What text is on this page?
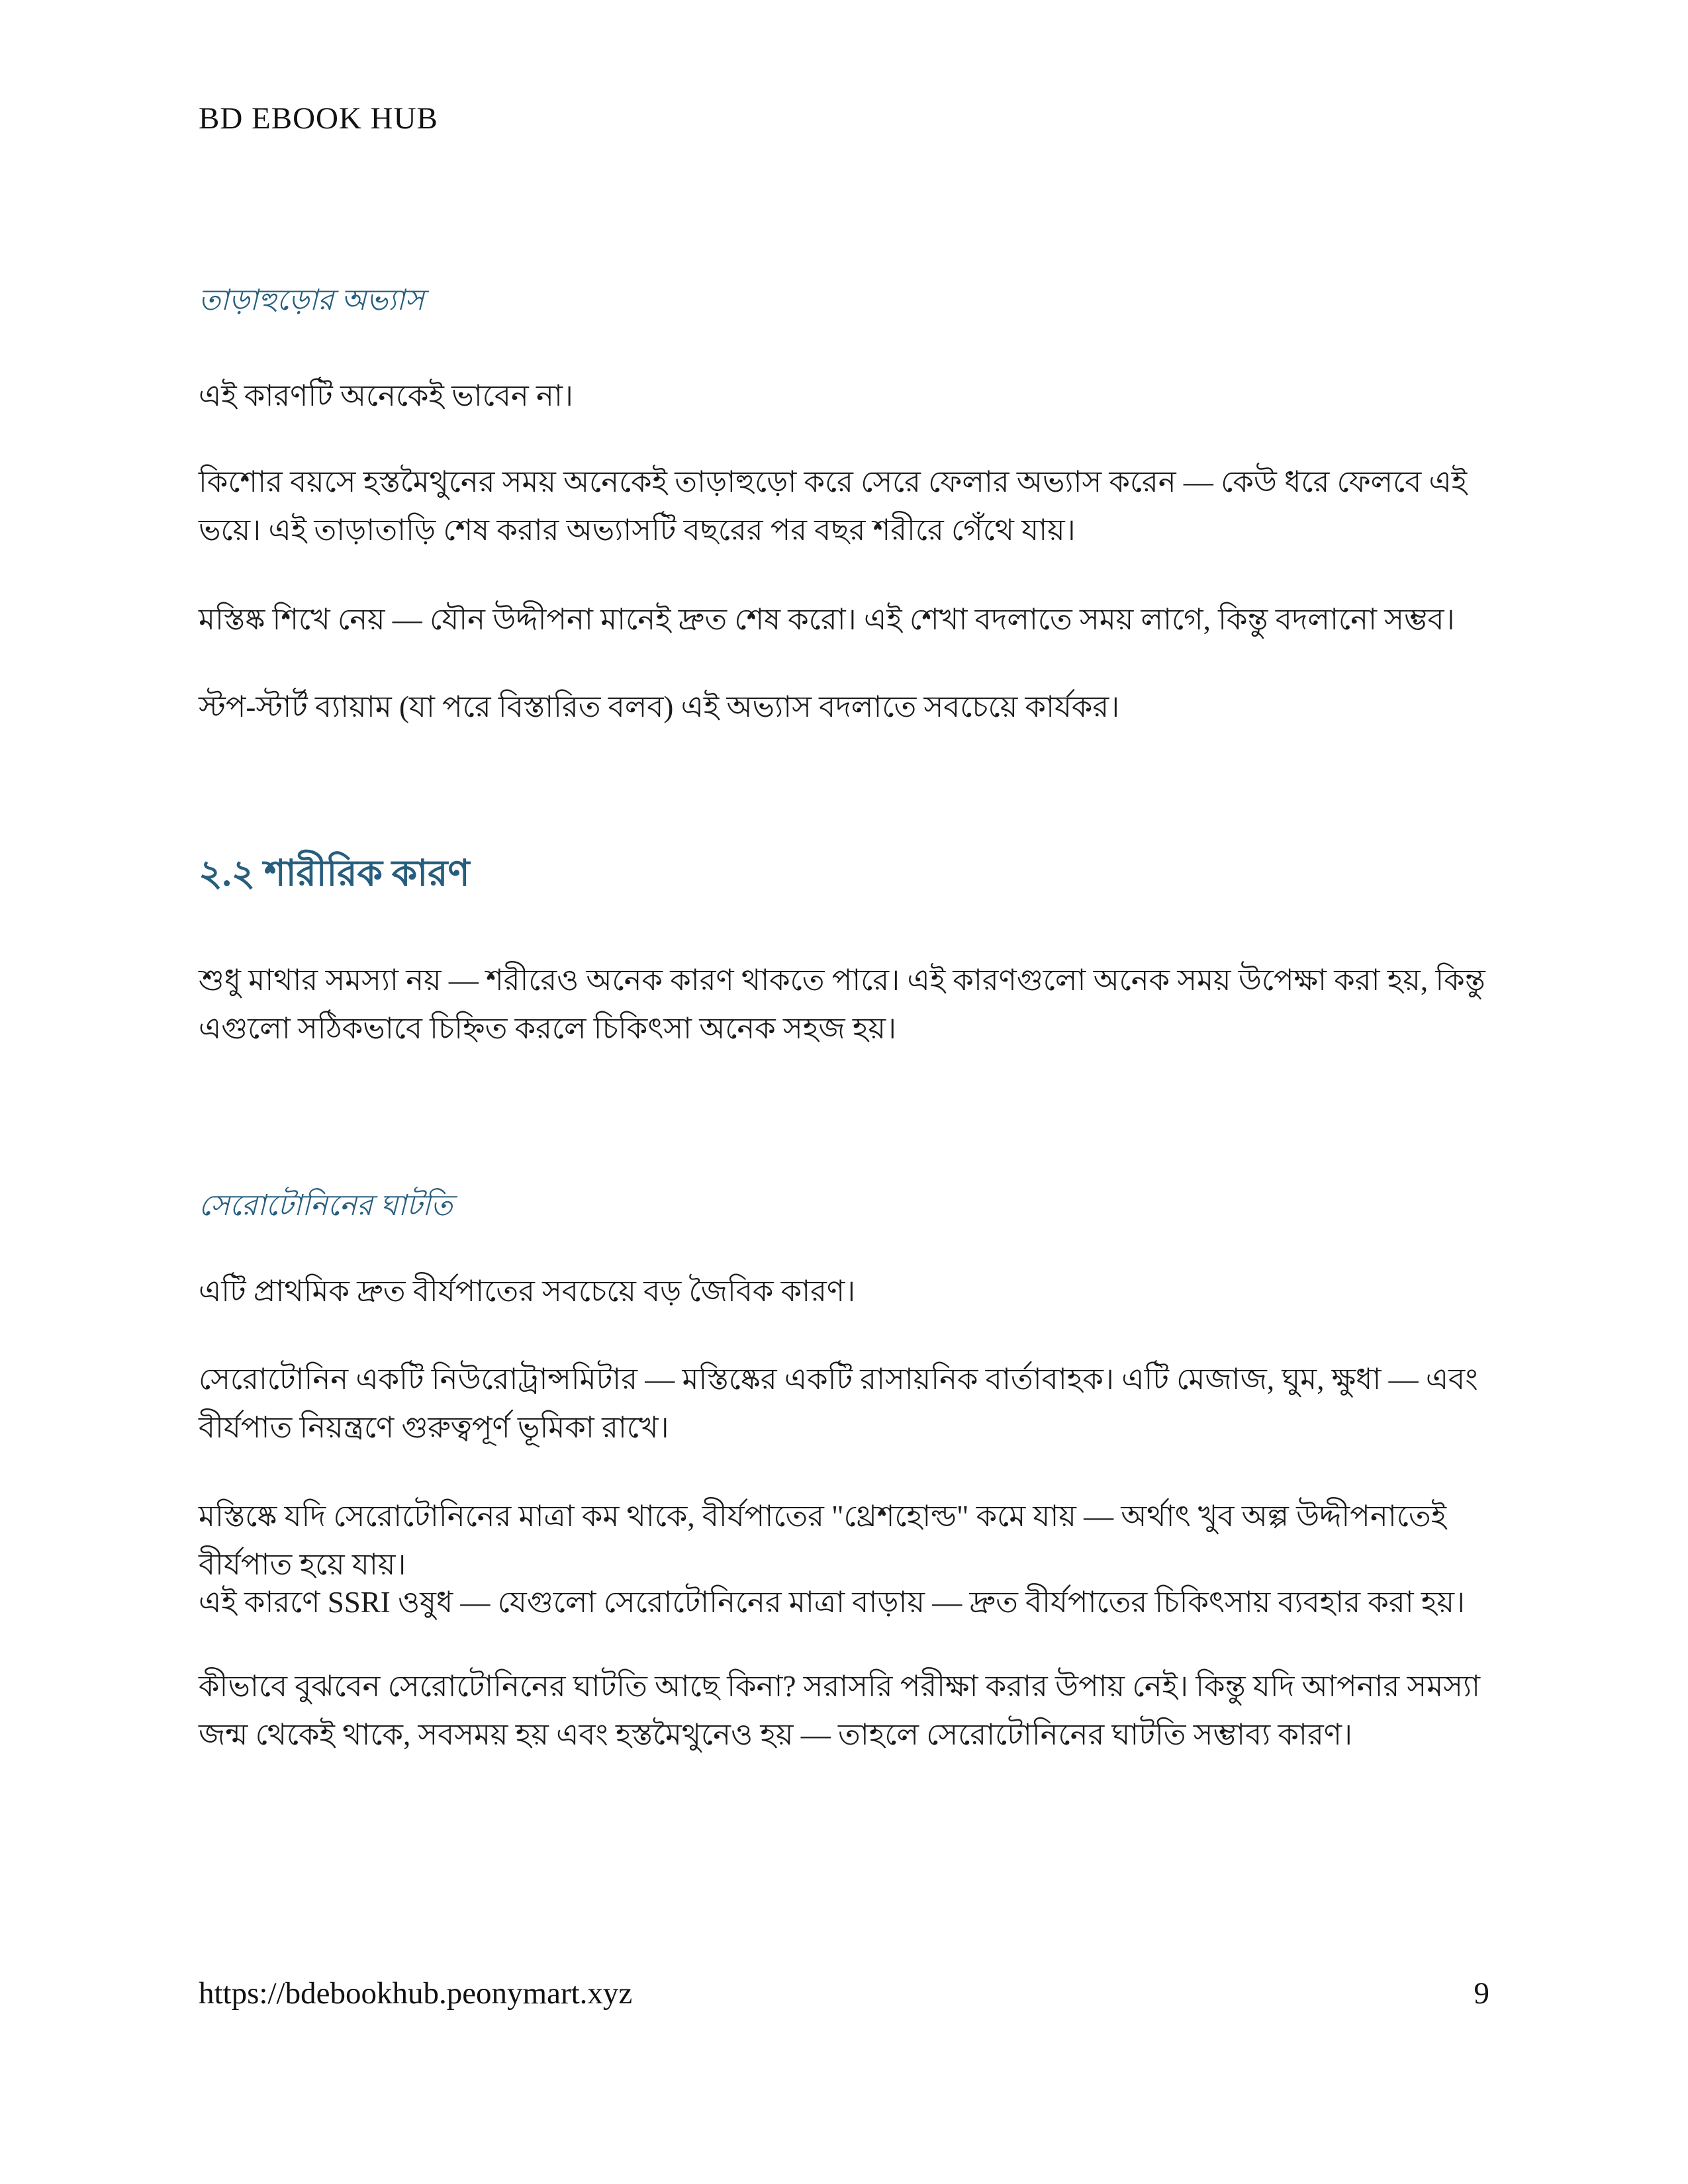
BD EBOOK HUB
তাড়াহুড়োর অভ্যাস
এই কারণটি অনেকেই ভাবেন না।
কিশোর বয়সে হস্তমৈথুনের সময় অনেকেই তাড়াহুড়ো করে সেরে ফেলার অভ্যাস করেন — কেউ ধরে ফেলবে এই ভয়ে। এই তাড়াতাড়ি শেষ করার অভ্যাসটি বছরের পর বছর শরীরে গেঁথে যায়।
মস্তিষ্ক শিখে নেয় — যৌন উদ্দীপনা মানেই দ্রুত শেষ করো। এই শেখা বদলাতে সময় লাগে, কিন্তু বদলানো সম্ভব।
স্টপ-স্টার্ট ব্যায়াম (যা পরে বিস্তারিত বলব) এই অভ্যাস বদলাতে সবচেয়ে কার্যকর।
২.২ শারীরিক কারণ
শুধু মাথার সমস্যা নয় — শরীরেও অনেক কারণ থাকতে পারে। এই কারণগুলো অনেক সময় উপেক্ষা করা হয়, কিন্তু এগুলো সঠিকভাবে চিহ্নিত করলে চিকিৎসা অনেক সহজ হয়।
সেরোটোনিনের ঘাটতি
এটি প্রাথমিক দ্রুত বীর্যপাতের সবচেয়ে বড় জৈবিক কারণ।
সেরোটোনিন একটি নিউরোট্রান্সমিটার — মস্তিষ্কের একটি রাসায়নিক বার্তাবাহক। এটি মেজাজ, ঘুম, ক্ষুধা — এবং বীর্যপাত নিয়ন্ত্রণে গুরুত্বপূর্ণ ভূমিকা রাখে।
মস্তিষ্কে যদি সেরোটোনিনের মাত্রা কম থাকে, বীর্যপাতের "থ্রেশহোল্ড" কমে যায় — অর্থাৎ খুব অল্প উদ্দীপনাতেই বীর্যপাত হয়ে যায়।
এই কারণে SSRI ওষুধ — যেগুলো সেরোটোনিনের মাত্রা বাড়ায় — দ্রুত বীর্যপাতের চিকিৎসায় ব্যবহার করা হয়।
কীভাবে বুঝবেন সেরোটোনিনের ঘাটতি আছে কিনা? সরাসরি পরীক্ষা করার উপায় নেই। কিন্তু যদি আপনার সমস্যা জন্ম থেকেই থাকে, সবসময় হয় এবং হস্তমৈথুনেও হয় — তাহলে সেরোটোনিনের ঘাটতি সম্ভাব্য কারণ।
https://bdebookhub.peonymart.xyz	9
